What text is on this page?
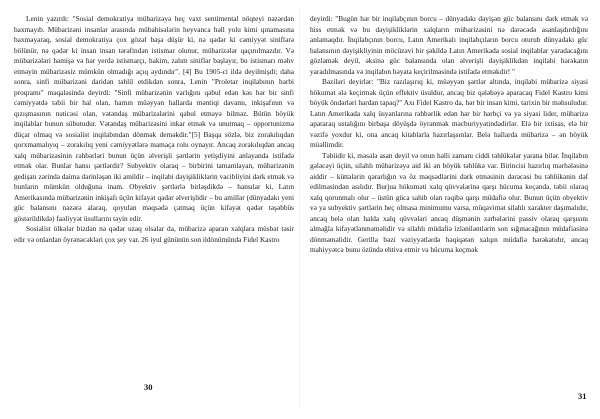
Lenin yazırdı: "Sosial demokratiya mübarizəyə heç vaxt sentimental nöqteyi nəzərdən baxmayıb. Mübarizəni insanlar arasında mübahisələrin heyvanca həll yolu kimi qınamasına baxmayaraq, sosial demokratiya çox gözəl başa düşür ki, nə qədər ki cəmiyyət siniflərə bölünür, nə qədər ki insan insan tərəfindən istismar olunur, mübarizələr qaçınılmazdır. Və mübarizələri həmişə və hər yerdə istismarçı, hakim, zalım siniflər başlayır, bu istismarı məhv etməyin mübarizəsiz mümkün olmadığı açıq aydındır". [4] Bu 1905-ci ildə deyilmişdi; daha sonra, sinfi mübarizəni daridən təhlil etdikdən sonra, Lenin "Proletar inqilabının hərbi proqramı" məqaləsində deyirdi: "Sinfi mübarizənin varlığını qəbul edən kəs hər bir sinfi cəmiyyətdə təbii bir hal olan, hamın müəyyən hallarda məntiqi davamı, inkişafının və qızışmasının nəticəsi olan, vətəndaş mübarizələrini qəbul etməyə bilməz. Bütün böyük inqilablar bunun sübutudur. Vətəndaş mübarizəsini inkar etmək və unutmaq – opportunizmə düçar olmaq və sosialist inqilabından dönmək deməkdir."[5] Başqa sözlə, biz zorakılıqdan qorxmamalıyıq – zorakılıq yeni cəmiyyətlərə mamaça rolu oynayır. Ancaq zorakılıqdan ancaq xalq mübarizəsinin rəhbərləri bunun üçün əlverişli şərtlərin yetişdiyini anlayanda istifadə etmək olar. Bunlar hansı şərtlərdir? Subyektiv olaraq – birbirini tamamlayan, mübarizənin gedişatı zərində daima dərinləşən iki amildir – inqilabi dəyişikliklərin vacibliyini dərk etmək və bunların mümkün olduğuna inam. Obyektiv şərtlərlə birləşdikdə – hansılar ki, Latın Amerikasında mübarizənin inkişafı üçün kifayət qədər əlverişlidir – bu amillər (dünyadakı yeni güc balansını nəzərə alaraq, qoyulan məqsədə çatmaq üçün kifayət qədər təşəbbüs göstərildikdə) faəliyyət üsullarını təyin edir.

Sosialist ölkələr bizdən nə qədər uzaq olsalar da, mübarizə aparan xalqlara müsbət təsir edir və onlardan öyrənəcəkləri çox şey var. 26 iyul gününün son ildönümündə Fidel Kastro

deyirdi: "Bugün hər bir inqilabçının borcu – dünyadakı dəyişən güc balansını dərk etmək və hiss etmək və bu dəyişikliklərin xalqların mübarizəsini nə dərəcədə asanlaşdırdığını anlamaqdır. İnqilabçının borcu, Latın Amerikalı inqilabçıların borcu oturub dünyadakı güc balansının dəyişikliyinin möcüzəvi bir şəkildə Latın Amerikada sosial inqilablar yaradacağını gözləmək deyil, əksinə güc balansında olan əlverişli dəyişiklikdən inqilabi hərəkatın yaradılmasında və inqilabın həyata keçirilməsində istifadə etməkdir! "

Bəziləri deyirlər: "Biz razılaşırıq ki, müəyyən şərtlər altında, inqilabi mübarizə siyasi hökumət ələ keçirmək üçün effektiv üsuldur, ancaq biz qələbəyə aparacaq Fidel Kastro kimi böyük öndərləri hardan tapaq?" Axı Fidel Kastro da, hər bir insan kimi, tarixin bir məhsuludur. Latın Amerikada xalq üsyanlarına rəhbərlik edən hər bir hərbçi və ya siyasi lider, mübarizə apararaq ustalığını birbaşa döyüşdə öyrənmək məcburiyyətindədirlər. Elə bir ixtisas, elə bir vəzifə yoxdur ki, ona ancaq kitablarla hazırlaşsınlar. Belə hallarda mübarizə – ən böyük müəllimdir.

Təbiidir ki, məsələ asan deyil və onun həlli zamanı ciddi təhlükələr yarana bilər. İnqilabın gələcəyi üçün, silahlı mübarizəyə aid iki ən böyük təhlükə var. Birincisi hazırlıq mərhələsinə aiddir – küttələrin qərarlığın və öz məqsədlərini dərk etməsinin dərəcəsi bu təhlükənin dəf edilməsindən asılıdır. Burjua hökuməti xalq qüvvələrinə qarşı hücuma keçəndə, təbii olaraq xalq qorunmalı olur – üstün güca sahib olan rəqibə qarşı müdafiə olur. Bunun üçün obyektiv və ya subyektiv şərtlərin heç olmasa minimumu varsa, müqavimət silahlı xarakter daşımalıdır, ancaq belə olan halda xalq qüvvələri ancaq düşmənin zərbələrini passiv olaraq qarşısını almağla kifayətlənməməlidir və silahlı müdafiə izləniləntlərin son sığınacağının müdafiəsinə dönməməlidir. Gerilla bəzi vəziyyətlərdə həqiqətən xalqın müdafiə hərəkatıdır, ancaq mahiyyətcə bunu özündə ehtiva etmir və hücuma keçmək

30
31
